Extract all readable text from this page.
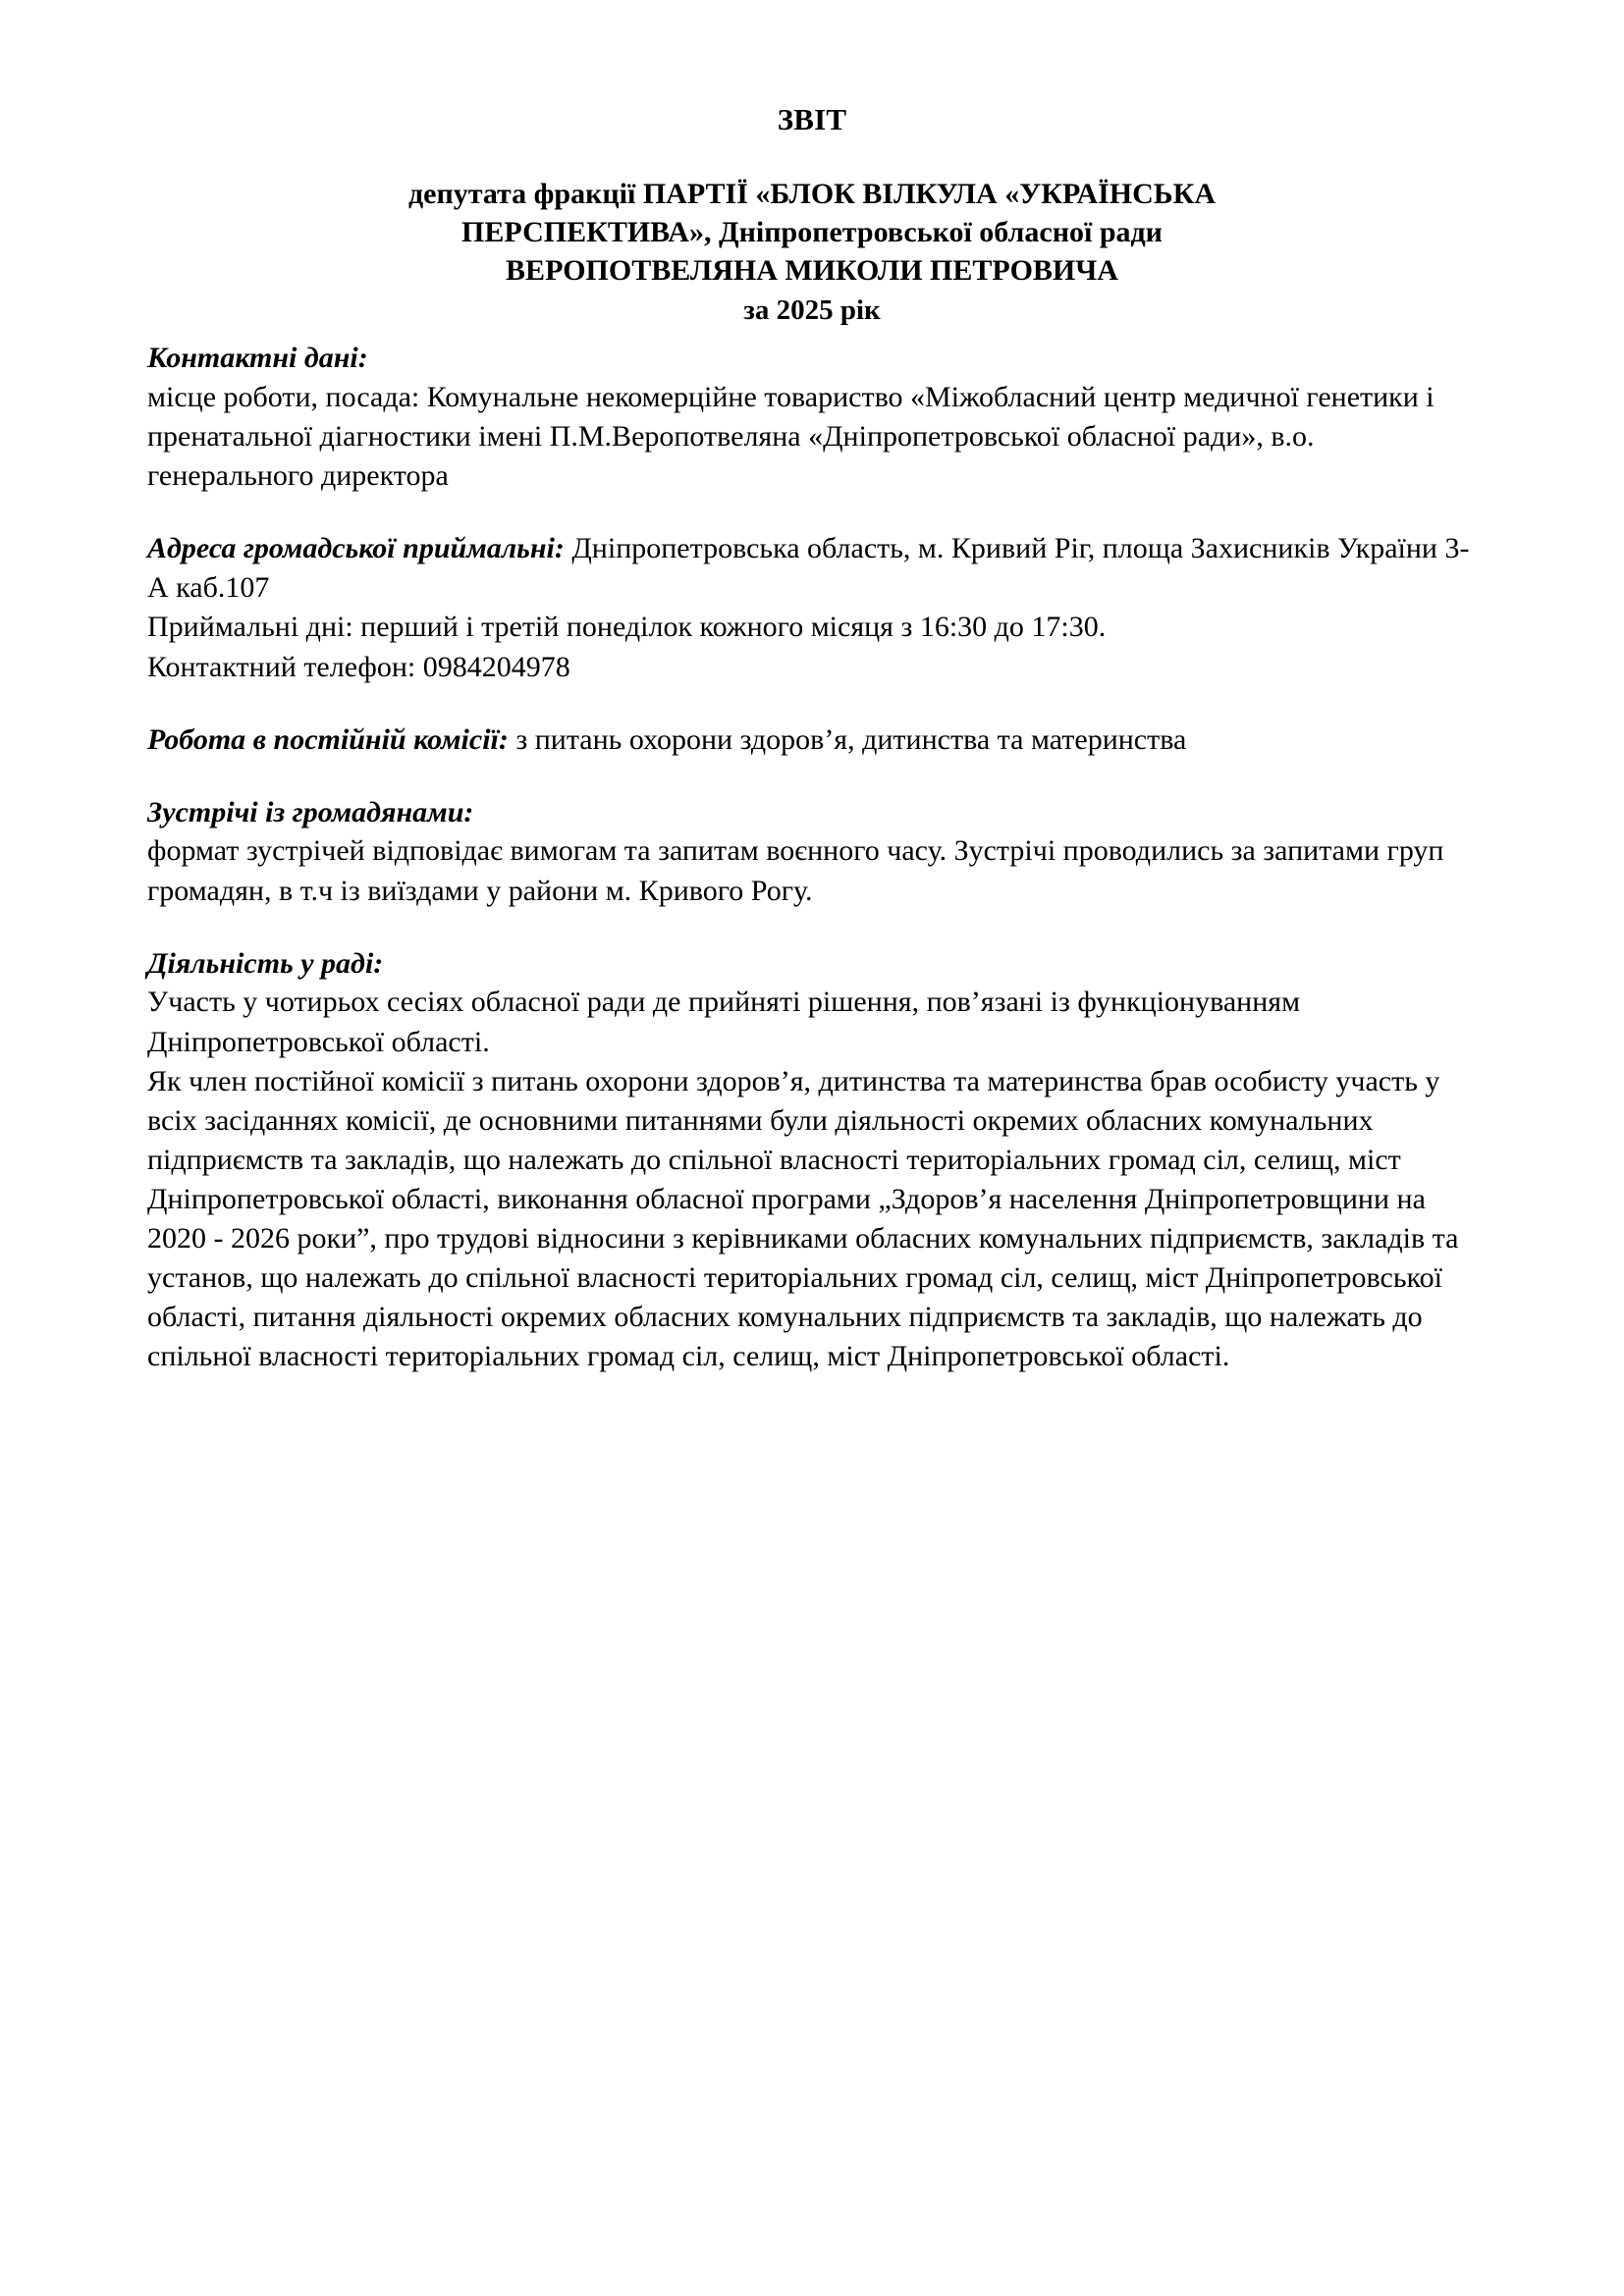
ЗВІТ
депутата фракції ПАРТІЇ «БЛОК ВІЛКУЛА «УКРАЇНСЬКА
ПЕРСПЕКТИВА», Дніпропетровської обласної ради
ВЕРОПОТВЕЛЯНА МИКОЛИ ПЕТРОВИЧА
за 2025 рік

Контактні дані:

місце роботи, посада: Комунальне некомерційне товариство «Міжобласний центр медичної генетики і пренатальної діагностики імені П.М.Веропотвеляна «Дніпропетровської обласної ради», в.о. генерального директора

Адреса громадської приймальні: Дніпропетровська область, м. Кривий Ріг, площа Захисників України 3-А каб.107

Приймальні дні: перший і третій понеділок кожного місяця з 16:30 до 17:30.

Контактний телефон: 0984204978

Робота в постійній комісії: з питань охорони здоров’я, дитинства та материнства

Зустрічі із громадянами:

формат зустрічей відповідає вимогам та запитам воєнного часу. Зустрічі проводились за запитами груп громадян, в т.ч із виїздами у райони м. Кривого Рогу.

Діяльність у раді:

Участь у чотирьох сесіях обласної ради де прийняті рішення, пов’язані із функціонуванням Дніпропетровської області.

Як член постійної комісії з питань охорони здоров’я, дитинства та материнства брав особисту участь у всіх засіданнях комісії, де основними питаннями були діяльності окремих обласних комунальних підприємств та закладів, що належать до спільної власності територіальних громад сіл, селищ, міст Дніпропетровської області, виконання обласної програми „Здоров’я населення Дніпропетровщини на 2020 - 2026 роки”, про трудові відносини з керівниками обласних комунальних підприємств, закладів та установ, що належать до спільної власності територіальних громад сіл, селищ, міст Дніпропетровської області, питання діяльності окремих обласних комунальних підприємств та закладів, що належать до спільної власності територіальних громад сіл, селищ, міст Дніпропетровської області.
